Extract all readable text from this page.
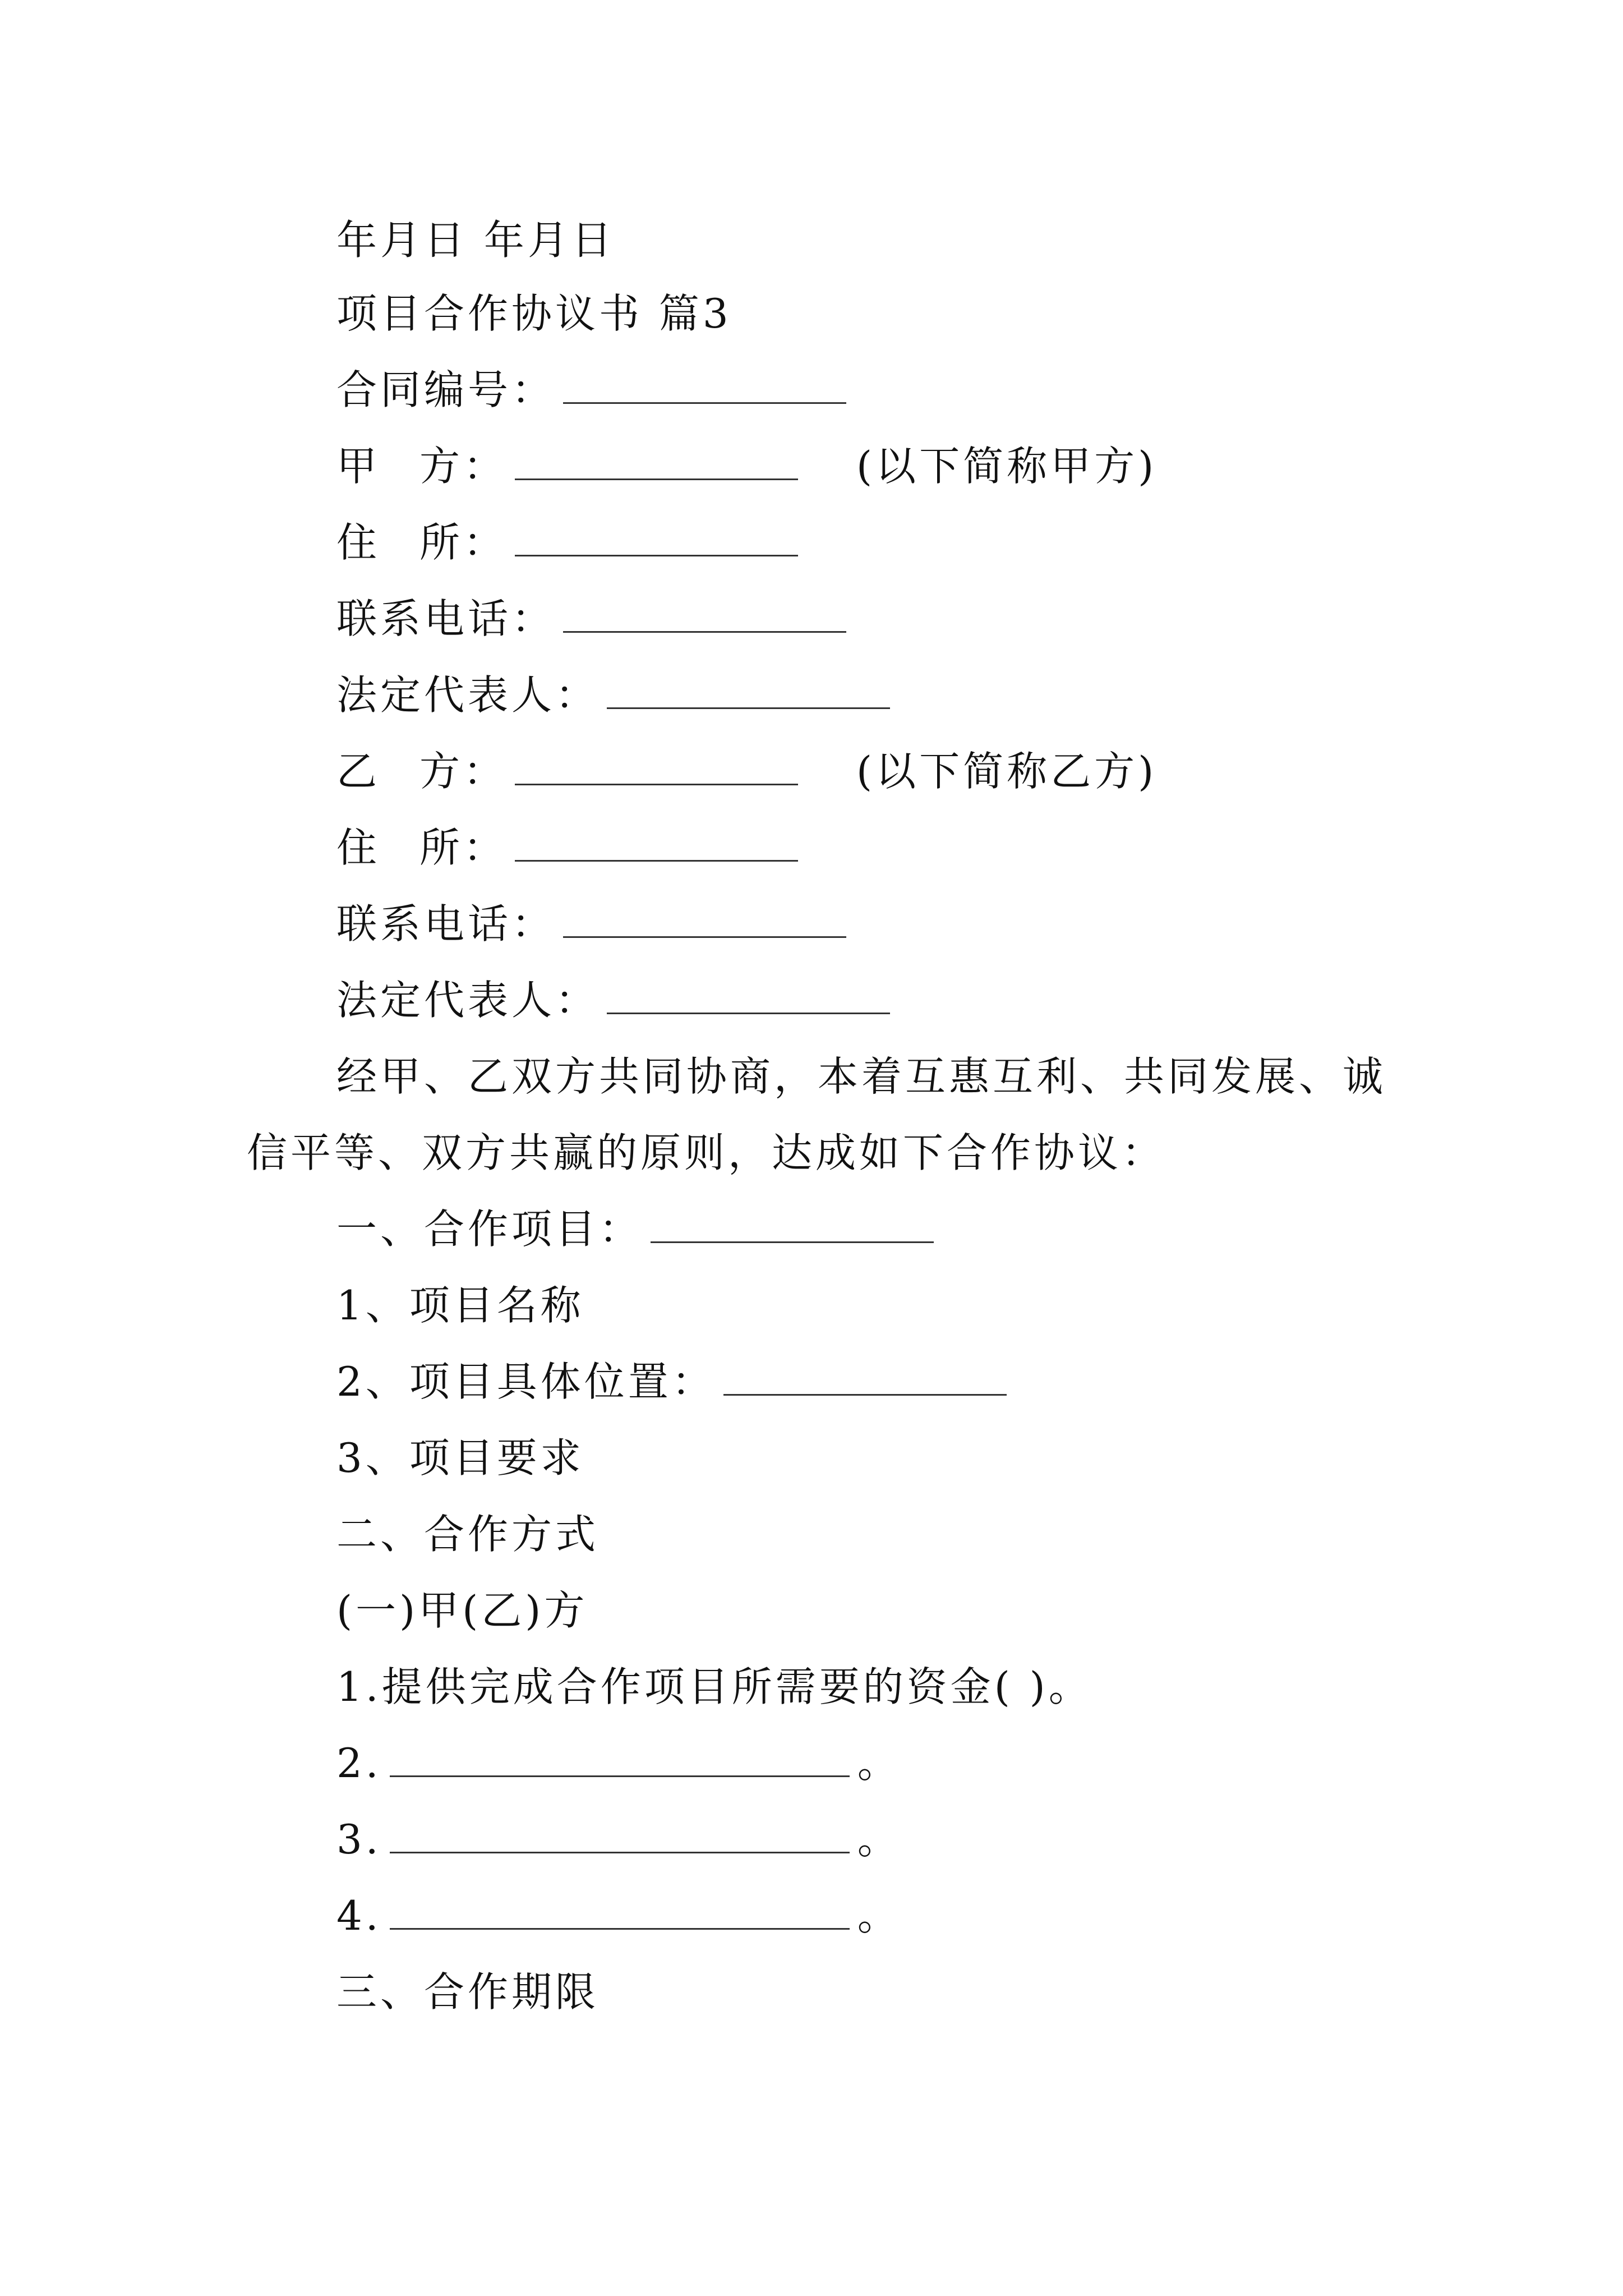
年月日 年月日
项目合作协议书 篇3
合同编号：
甲 方：	(以下简称甲方)
住 所：
联系电话：
法定代表人：
乙 方：	(以下简称乙方)
住 所：
联系电话：
法定代表人：
经甲、乙双方共同协商，本着互惠互利、共同发展、诚
信平等、双方共赢的原则，达成如下合作协议：
一、合作项目：
1、项目名称
2、项目具体位置：
3、项目要求
二、合作方式
(一)甲(乙)方
1.提供完成合作项目所需要的资金( )。
2.	。
3.	。
4.	。
三、合作期限
